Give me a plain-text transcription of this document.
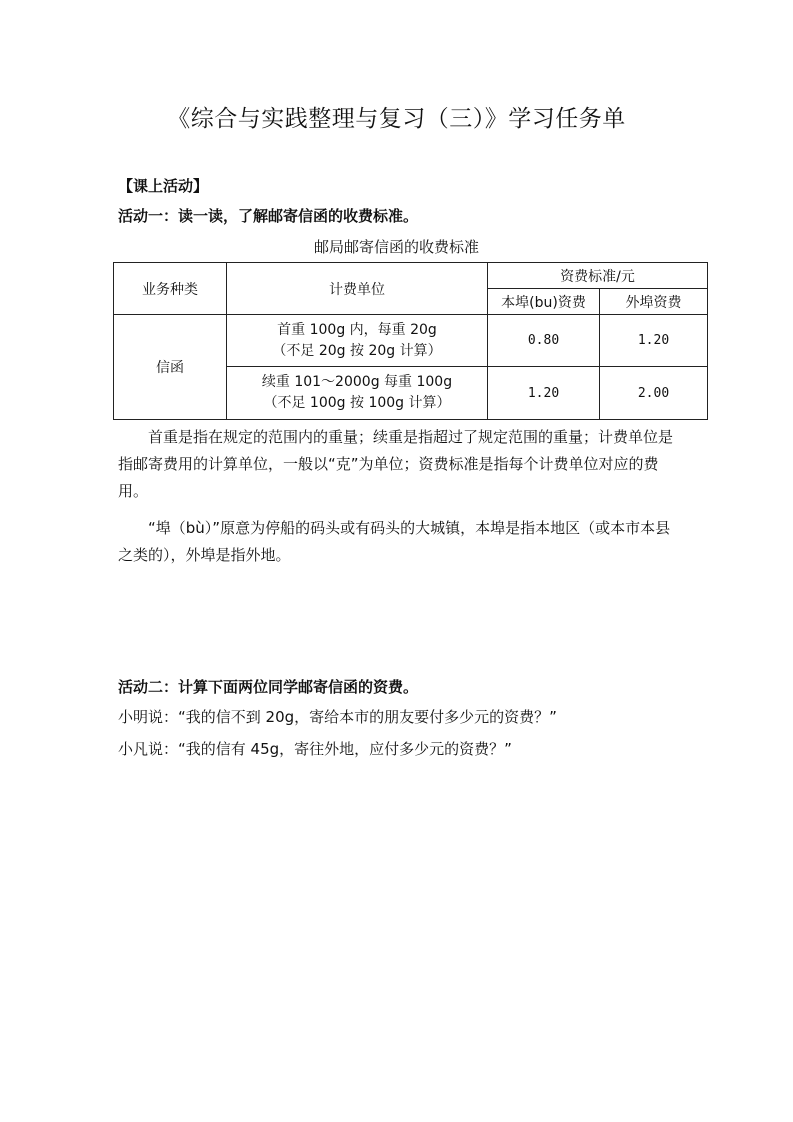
《综合与实践整理与复习（三）》学习任务单
【课上活动】
活动一：读一读，了解邮寄信函的收费标准。
邮局邮寄信函的收费标准
业务种类	计费单位	资费标准/元	
		本埠(bu)资费	外埠资费
信函	首重 100g 内，每重 20g
（不足 20g 按 20g 计算）	0.80	1.20

	续重 101～2000g 每重 100g
（不足 100g 按 100g 计算）	1.20	2.00

首重是指在规定的范围内的重量；续重是指超过了规定范围的重量；计费单位是指邮寄费用的计算单位，一般以“克”为单位；资费标准是指每个计费单位对应的费用。

“埠（bù）”原意为停船的码头或有码头的大城镇，本埠是指本地区（或本市本县之类的），外埠是指外地。

活动二：计算下面两位同学邮寄信函的资费。
小明说：“我的信不到 20g，寄给本市的朋友要付多少元的资费？”
小凡说：“我的信有 45g，寄往外地，应付多少元的资费？”
